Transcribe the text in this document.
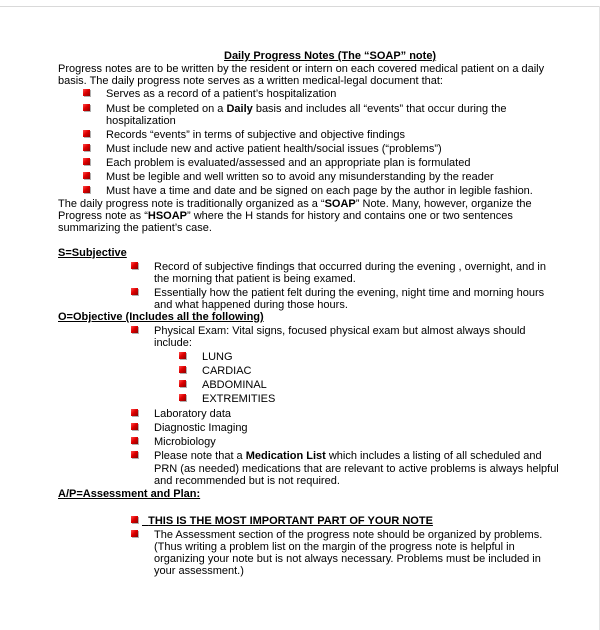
Daily Progress Notes (The “SOAP” note)
Progress notes are to be written by the resident or intern on each covered medical patient on a daily
basis. The daily progress note serves as a written medical-legal document that:
Serves as a record of a patient’s hospitalization
Must be completed on a Daily basis and includes all “events” that occur during the
hospitalization
Records “events” in terms of subjective and objective findings
Must include new and active patient health/social issues (“problems”)
Each problem is evaluated/assessed and an appropriate plan is formulated
Must be legible and well written so to avoid any misunderstanding by the reader
Must have a time and date and be signed on each page by the author in legible fashion.
The daily progress note is traditionally organized as a “SOAP” Note. Many, however, organize the
Progress note as “HSOAP” where the H stands for history and contains one or two sentences
summarizing the patient’s case.
S=Subjective
Record of subjective findings that occurred during the evening , overnight, and in
the morning that patient is being examed.
Essentially how the patient felt during the evening, night time and morning hours
and what happened during those hours.
O=Objective (Includes all the following)
Physical Exam: Vital signs, focused physical exam but almost always should
include:
LUNG
CARDIAC
ABDOMINAL
EXTREMITIES
Laboratory data
Diagnostic Imaging
Microbiology
Please note that a Medication List which includes a listing of all scheduled and
PRN (as needed) medications that are relevant to active problems is always helpful
and recommended but is not required.
A/P=Assessment and Plan:
THIS IS THE MOST IMPORTANT PART OF YOUR NOTE
The Assessment section of the progress note should be organized by problems.
(Thus writing a problem list on the margin of the progress note is helpful in
organizing your note but is not always necessary. Problems must be included in
your assessment.)
